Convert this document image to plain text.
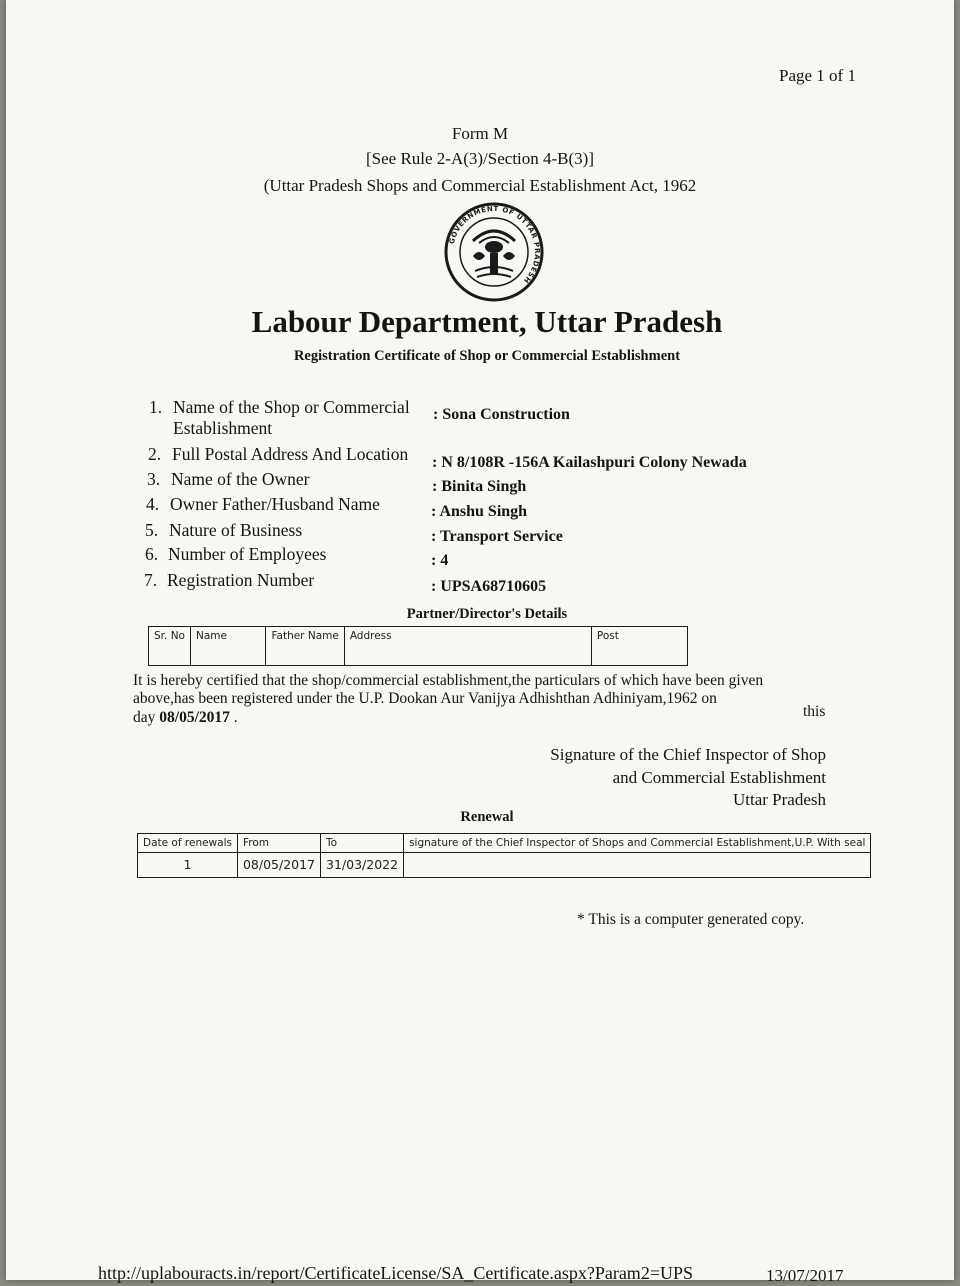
Page 1 of 1
Form M
[See Rule 2-A(3)/Section 4-B(3)]
(Uttar Pradesh Shops and Commercial Establishment Act, 1962
GOVERNMENT OF UTTAR PRADESH
Labour Department, Uttar Pradesh
Registration Certificate of Shop or Commercial Establishment
1. Name of the Shop or Commercial
Establishment
: Sona Construction
2. Full Postal Address And Location	: N 8/108R -156A Kailashpuri Colony Newada
3. Name of the Owner	: Binita Singh
4. Owner Father/Husband Name	: Anshu Singh
5. Nature of Business	: Transport Service
6. Number of Employees	: 4
7. Registration Number	: UPSA68710605
Partner/Director's Details
Sr. No	Name	Father Name	Address	Post
It is hereby certified that the shop/commercial establishment,the particulars of which have been given
above,has been registered under the U.P. Dookan Aur Vanijya Adhishthan Adhiniyam,1962 on
this
day 08/05/2017 .
Signature of the Chief Inspector of Shop
and Commercial Establishment
Uttar Pradesh
Renewal
Date of renewals	From	To	signature of the Chief Inspector of Shops and Commercial Establishment,U.P. With seal
1	08/05/2017	31/03/2022	
* This is a computer generated copy.
http://uplabouracts.in/report/CertificateLicense/SA_Certificate.aspx?Param2=UPS	13/07/2017
